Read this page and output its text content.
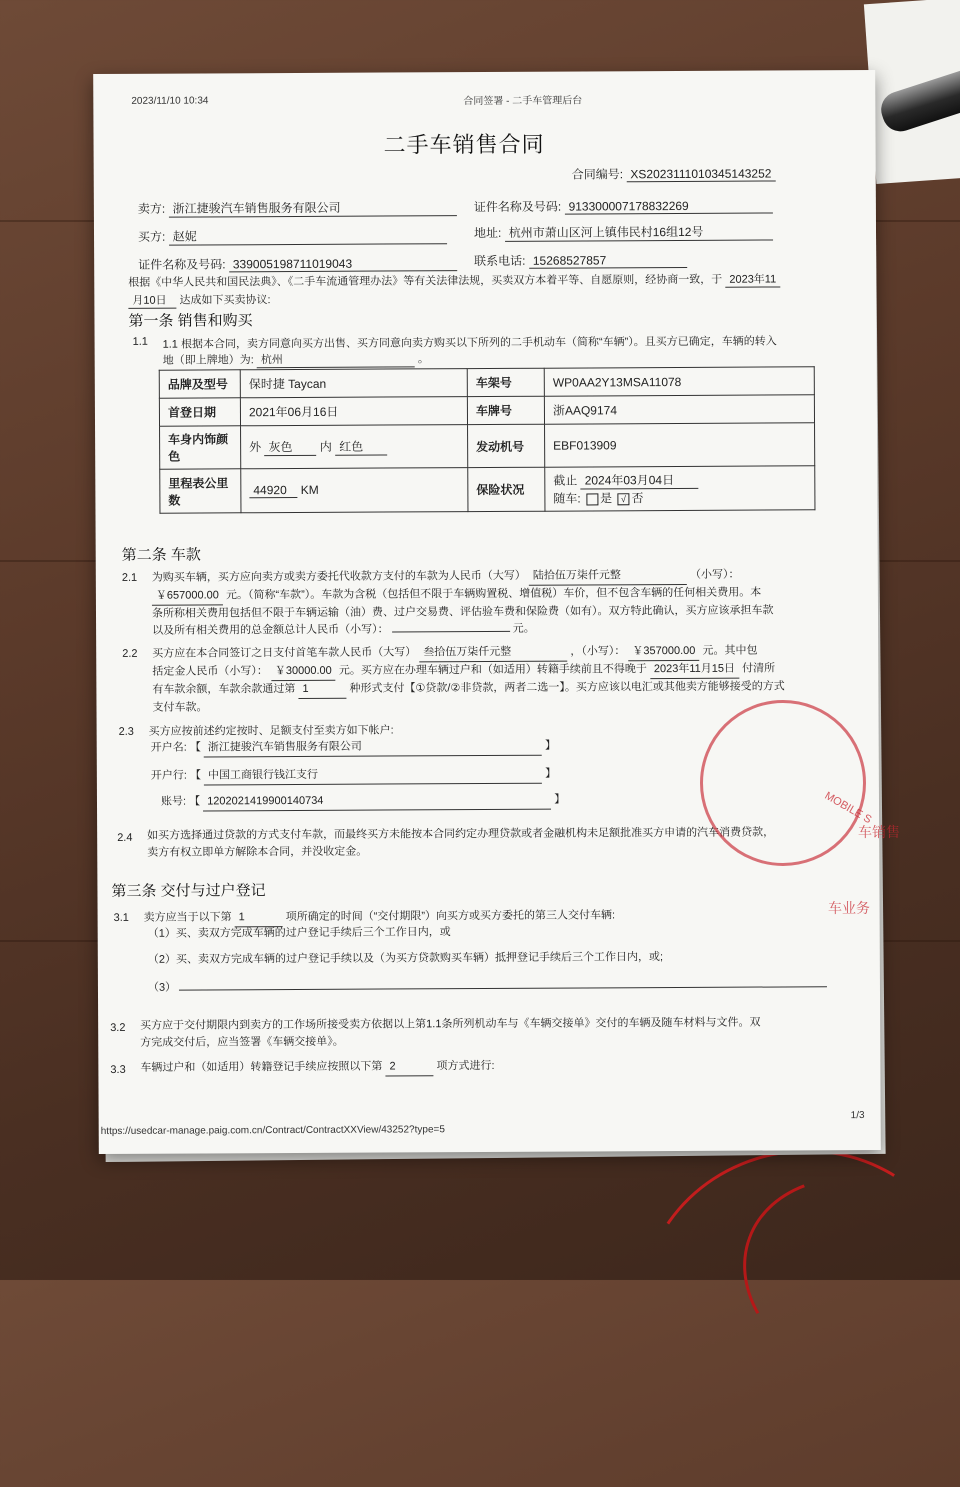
2023/11/10 10:34	合同签署 - 二手车管理后台
二手车销售合同
合同编号: XS20231110103451432​52
卖方: 浙江捷骏汽车销售服务有限公司	证件名称及号码: 913300007178832269
买方: 赵妮	地址: 杭州市萧山区河上镇伟民村16组12号
证件名称及号码: 339005198711019043	联系电话: 15268527857
根据《中华人民共和国民法典》、《二手车流通管理办法》等有关法律法规，买卖双方本着平等、自愿原则，经协商一致，于 2023年11
月10日 达成如下买卖协议:
第一条 销售和购买
1.1 1.1 根据本合同，卖方同意向买方出售、买方同意向卖方购买以下所列的二手机动车（简称“车辆”）。且买方已确定，车辆的转入
地（即上牌地）为: 杭州	。
品牌及型号	保时捷 Taycan	车架号	WP0AA2Y13MSA11078
首登日期	2021年06月16日	车牌号	浙AAQ9174
车身内饰颜色	外 灰色 内 红色	发动机号	EBF013909
里程表公里数	44920 KM	保险状况	截止 2024年03月04日
随车: 是 √ 否
第二条 车款
2.1 为购买车辆，买方应向卖方或卖方委托代收款方支付的车款为人民币（大写） 陆拾伍万柒仟元整	（小写）：
￥657000.00 元。（简称“车款”）。车款为含税（包括但不限于车辆购置税、增值税）车价，但不包含车辆的任何相关费用。本
条所称相关费用包括但不限于车辆运输（油）费、过户交易费、评估验车费和保险费（如有）。双方特此确认，买方应该承担车款
以及所有相关费用的总金额总计人民币（小写）：	元。
2.2 买方应在本合同签订之日支付首笔车款人民币（大写） 叁拾伍万柒仟元整	，（小写）： ￥357000.00 元。其中包
括定金人民币（小写）： ￥30000.00 元。买方应在办理车辆过户和（如适用）转籍手续前且不得晚于 2023年11月15日 付清所
有车款余额，车款余款通过第 1	种形式支付【①贷款/②非贷款，两者二选一】。买方应该以电汇或其他卖方能够接受的方式
支付车款。
2.3 买方应按前述约定按时、足额支付至卖方如下帐户:
开户名: 【 浙江捷骏汽车销售服务有限公司	】
开户行: 【 中国工商银行钱江支行	】
账号: 【 1202021419900140734	】
2.4 如买方选择通过贷款的方式支付车款，而最终买方未能按本合同约定办理贷款或者金融机构未足额批准买方申请的汽车消费贷款，
卖方有权立即单方解除本合同，并没收定金。
第三条 交付与过户登记
3.1 卖方应当于以下第 1	项所确定的时间（“交付期限”）向买方或买方委托的第三人交付车辆:
（1）买、卖双方完成车辆的过户登记手续后三个工作日内，或
（2）买、卖双方完成车辆的过户登记手续以及（为买方贷款购买车辆）抵押登记手续后三个工作日内，或;
（3）
3.2 买方应于交付期限内到卖方的工作场所接受卖方依据以上第1.1条所列机动车与《车辆交接单》交付的车辆及随车材料与文件。双
方完成交付后，应当签署《车辆交接单》。
3.3 车辆过户和（如适用）转籍登记手续应按照以下第 2	项方式进行:
https://usedcar-manage.paig.com.cn/Contract/ContractXXView/43252?type=5
1/3
MOBILE S
车销售
车业务
